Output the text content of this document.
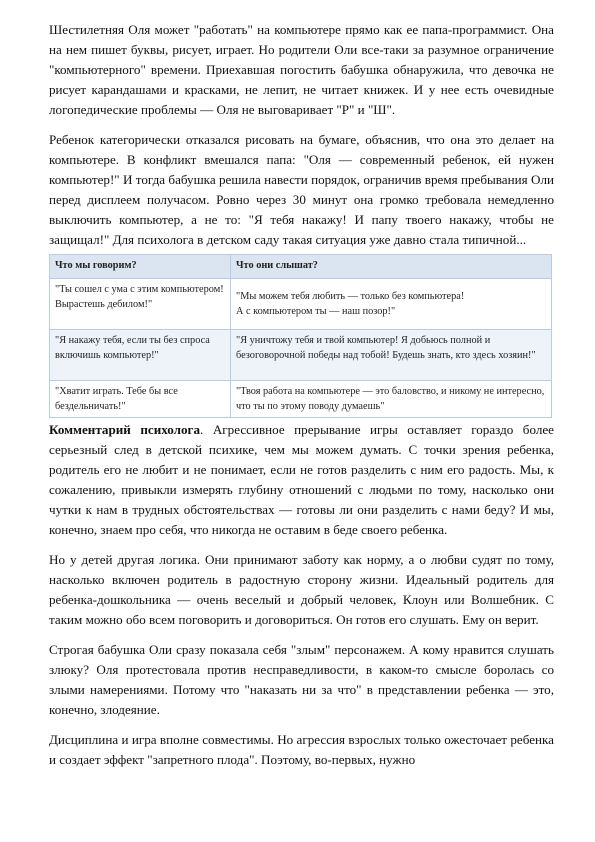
Шестилетняя Оля может "работать" на компьютере прямо как ее папа-программист. Она на нем пишет буквы, рисует, играет. Но родители Оли все-таки за разумное ограничение "компьютерного" времени. Приехавшая погостить бабушка обнаружила, что девочка не рисует карандашами и красками, не лепит, не читает книжек. И у нее есть очевидные логопедические проблемы — Оля не выговаривает "Р" и "Ш".

Ребенок категорически отказался рисовать на бумаге, объяснив, что она это делает на компьютере. В конфликт вмешался папа: "Оля — современный ребенок, ей нужен компьютер!" И тогда бабушка решила навести порядок, ограничив время пребывания Оли перед дисплеем получасом. Ровно через 30 минут она громко требовала немедленно выключить компьютер, а не то: "Я тебя накажу! И папу твоего накажу, чтобы не защищал!" Для психолога в детском саду такая ситуация уже давно стала типичной...

Что мы говорим?	Что они слышат?
"Ты сошел с ума с этим компьютером! Вырастешь дебилом!"	"Мы можем тебя любить — только без компьютера!
А с компьютером ты — наш позор!"

"Я накажу тебя, если ты без спроса включишь компьютер!"	"Я уничтожу тебя и твой компьютер! Я добьюсь полной и безоговорочной победы над тобой! Будешь знать, кто здесь хозяин!"
"Хватит играть. Тебе бы все бездельничать!"	"Твоя работа на компьютере — это баловство, и никому не интересно, что ты по этому поводу думаешь"

Комментарий психолога. Агрессивное прерывание игры оставляет гораздо более серьезный след в детской психике, чем мы можем думать. С точки зрения ребенка, родитель его не любит и не понимает, если не готов разделить с ним его радость. Мы, к сожалению, привыкли измерять глубину отношений с людьми по тому, насколько они чутки к нам в трудных обстоятельствах — готовы ли они разделить с нами беду? И мы, конечно, знаем про себя, что никогда не оставим в беде своего ребенка.

Но у детей другая логика. Они принимают заботу как норму, а о любви судят по тому, насколько включен родитель в радостную сторону жизни. Идеальный родитель для ребенка-дошкольника — очень веселый и добрый человек, Клоун или Волшебник. С таким можно обо всем поговорить и договориться. Он готов его слушать. Ему он верит.

Строгая бабушка Оли сразу показала себя "злым" персонажем. А кому нравится слушать злюку? Оля протестовала против несправедливости, в каком-то смысле боролась со злыми намерениями. Потому что "наказать ни за что" в представлении ребенка — это, конечно, злодеяние.

Дисциплина и игра вполне совместимы. Но агрессия взрослых только ожесточает ребенка и создает эффект "запретного плода". Поэтому, во-первых, нужно
